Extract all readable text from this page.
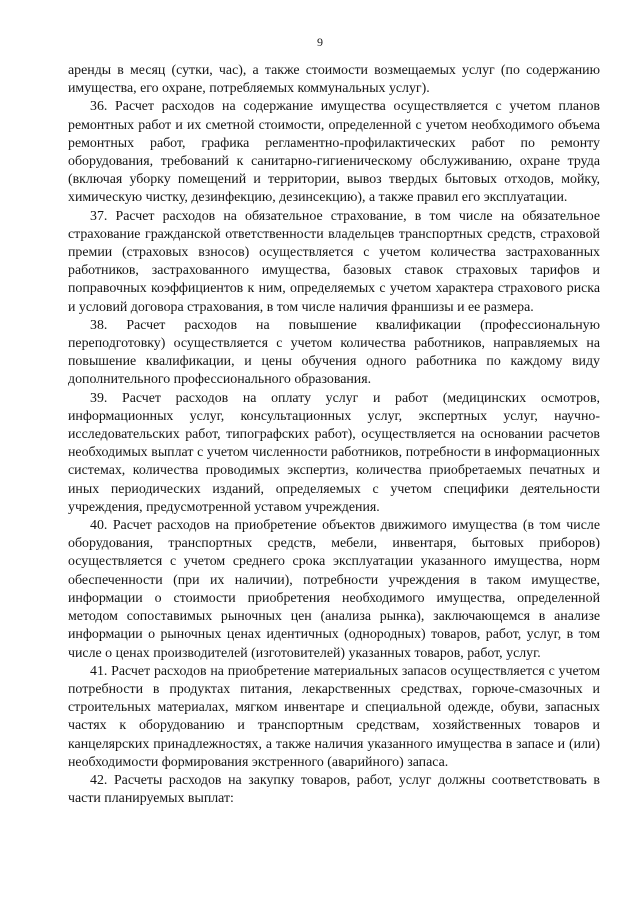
9

аренды в месяц (сутки, час), а также стоимости возмещаемых услуг (по содержанию имущества, его охране, потребляемых коммунальных услуг).

36. Расчет расходов на содержание имущества осуществляется с учетом планов ремонтных работ и их сметной стоимости, определенной с учетом необходимого объема ремонтных работ, графика регламентно-профилактических работ по ремонту оборудования, требований к санитарно-гигиеническому обслуживанию, охране труда (включая уборку помещений и территории, вывоз твердых бытовых отходов, мойку, химическую чистку, дезинфекцию, дезинсекцию), а также правил его эксплуатации.

37. Расчет расходов на обязательное страхование, в том числе на обязательное страхование гражданской ответственности владельцев транспортных средств, страховой премии (страховых взносов) осуществляется с учетом количества застрахованных работников, застрахованного имущества, базовых ставок страховых тарифов и поправочных коэффициентов к ним, определяемых с учетом характера страхового риска и условий договора страхования, в том числе наличия франшизы и ее размера.

38. Расчет расходов на повышение квалификации (профессиональную переподготовку) осуществляется с учетом количества работников, направляемых на повышение квалификации, и цены обучения одного работника по каждому виду дополнительного профессионального образования.

39. Расчет расходов на оплату услуг и работ (медицинских осмотров, информационных услуг, консультационных услуг, экспертных услуг, научно-исследовательских работ, типографских работ), осуществляется на основании расчетов необходимых выплат с учетом численности работников, потребности в информационных системах, количества проводимых экспертиз, количества приобретаемых печатных и иных периодических изданий, определяемых с учетом специфики деятельности учреждения, предусмотренной уставом учреждения.

40. Расчет расходов на приобретение объектов движимого имущества (в том числе оборудования, транспортных средств, мебели, инвентаря, бытовых приборов) осуществляется с учетом среднего срока эксплуатации указанного имущества, норм обеспеченности (при их наличии), потребности учреждения в таком имуществе, информации о стоимости приобретения необходимого имущества, определенной методом сопоставимых рыночных цен (анализа рынка), заключающемся в анализе информации о рыночных ценах идентичных (однородных) товаров, работ, услуг, в том числе о ценах производителей (изготовителей) указанных товаров, работ, услуг.

41. Расчет расходов на приобретение материальных запасов осуществляется с учетом потребности в продуктах питания, лекарственных средствах, горюче-смазочных и строительных материалах, мягком инвентаре и специальной одежде, обуви, запасных частях к оборудованию и транспортным средствам, хозяйственных товаров и канцелярских принадлежностях, а также наличия указанного имущества в запасе и (или) необходимости формирования экстренного (аварийного) запаса.

42. Расчеты расходов на закупку товаров, работ, услуг должны соответствовать в части планируемых выплат:
